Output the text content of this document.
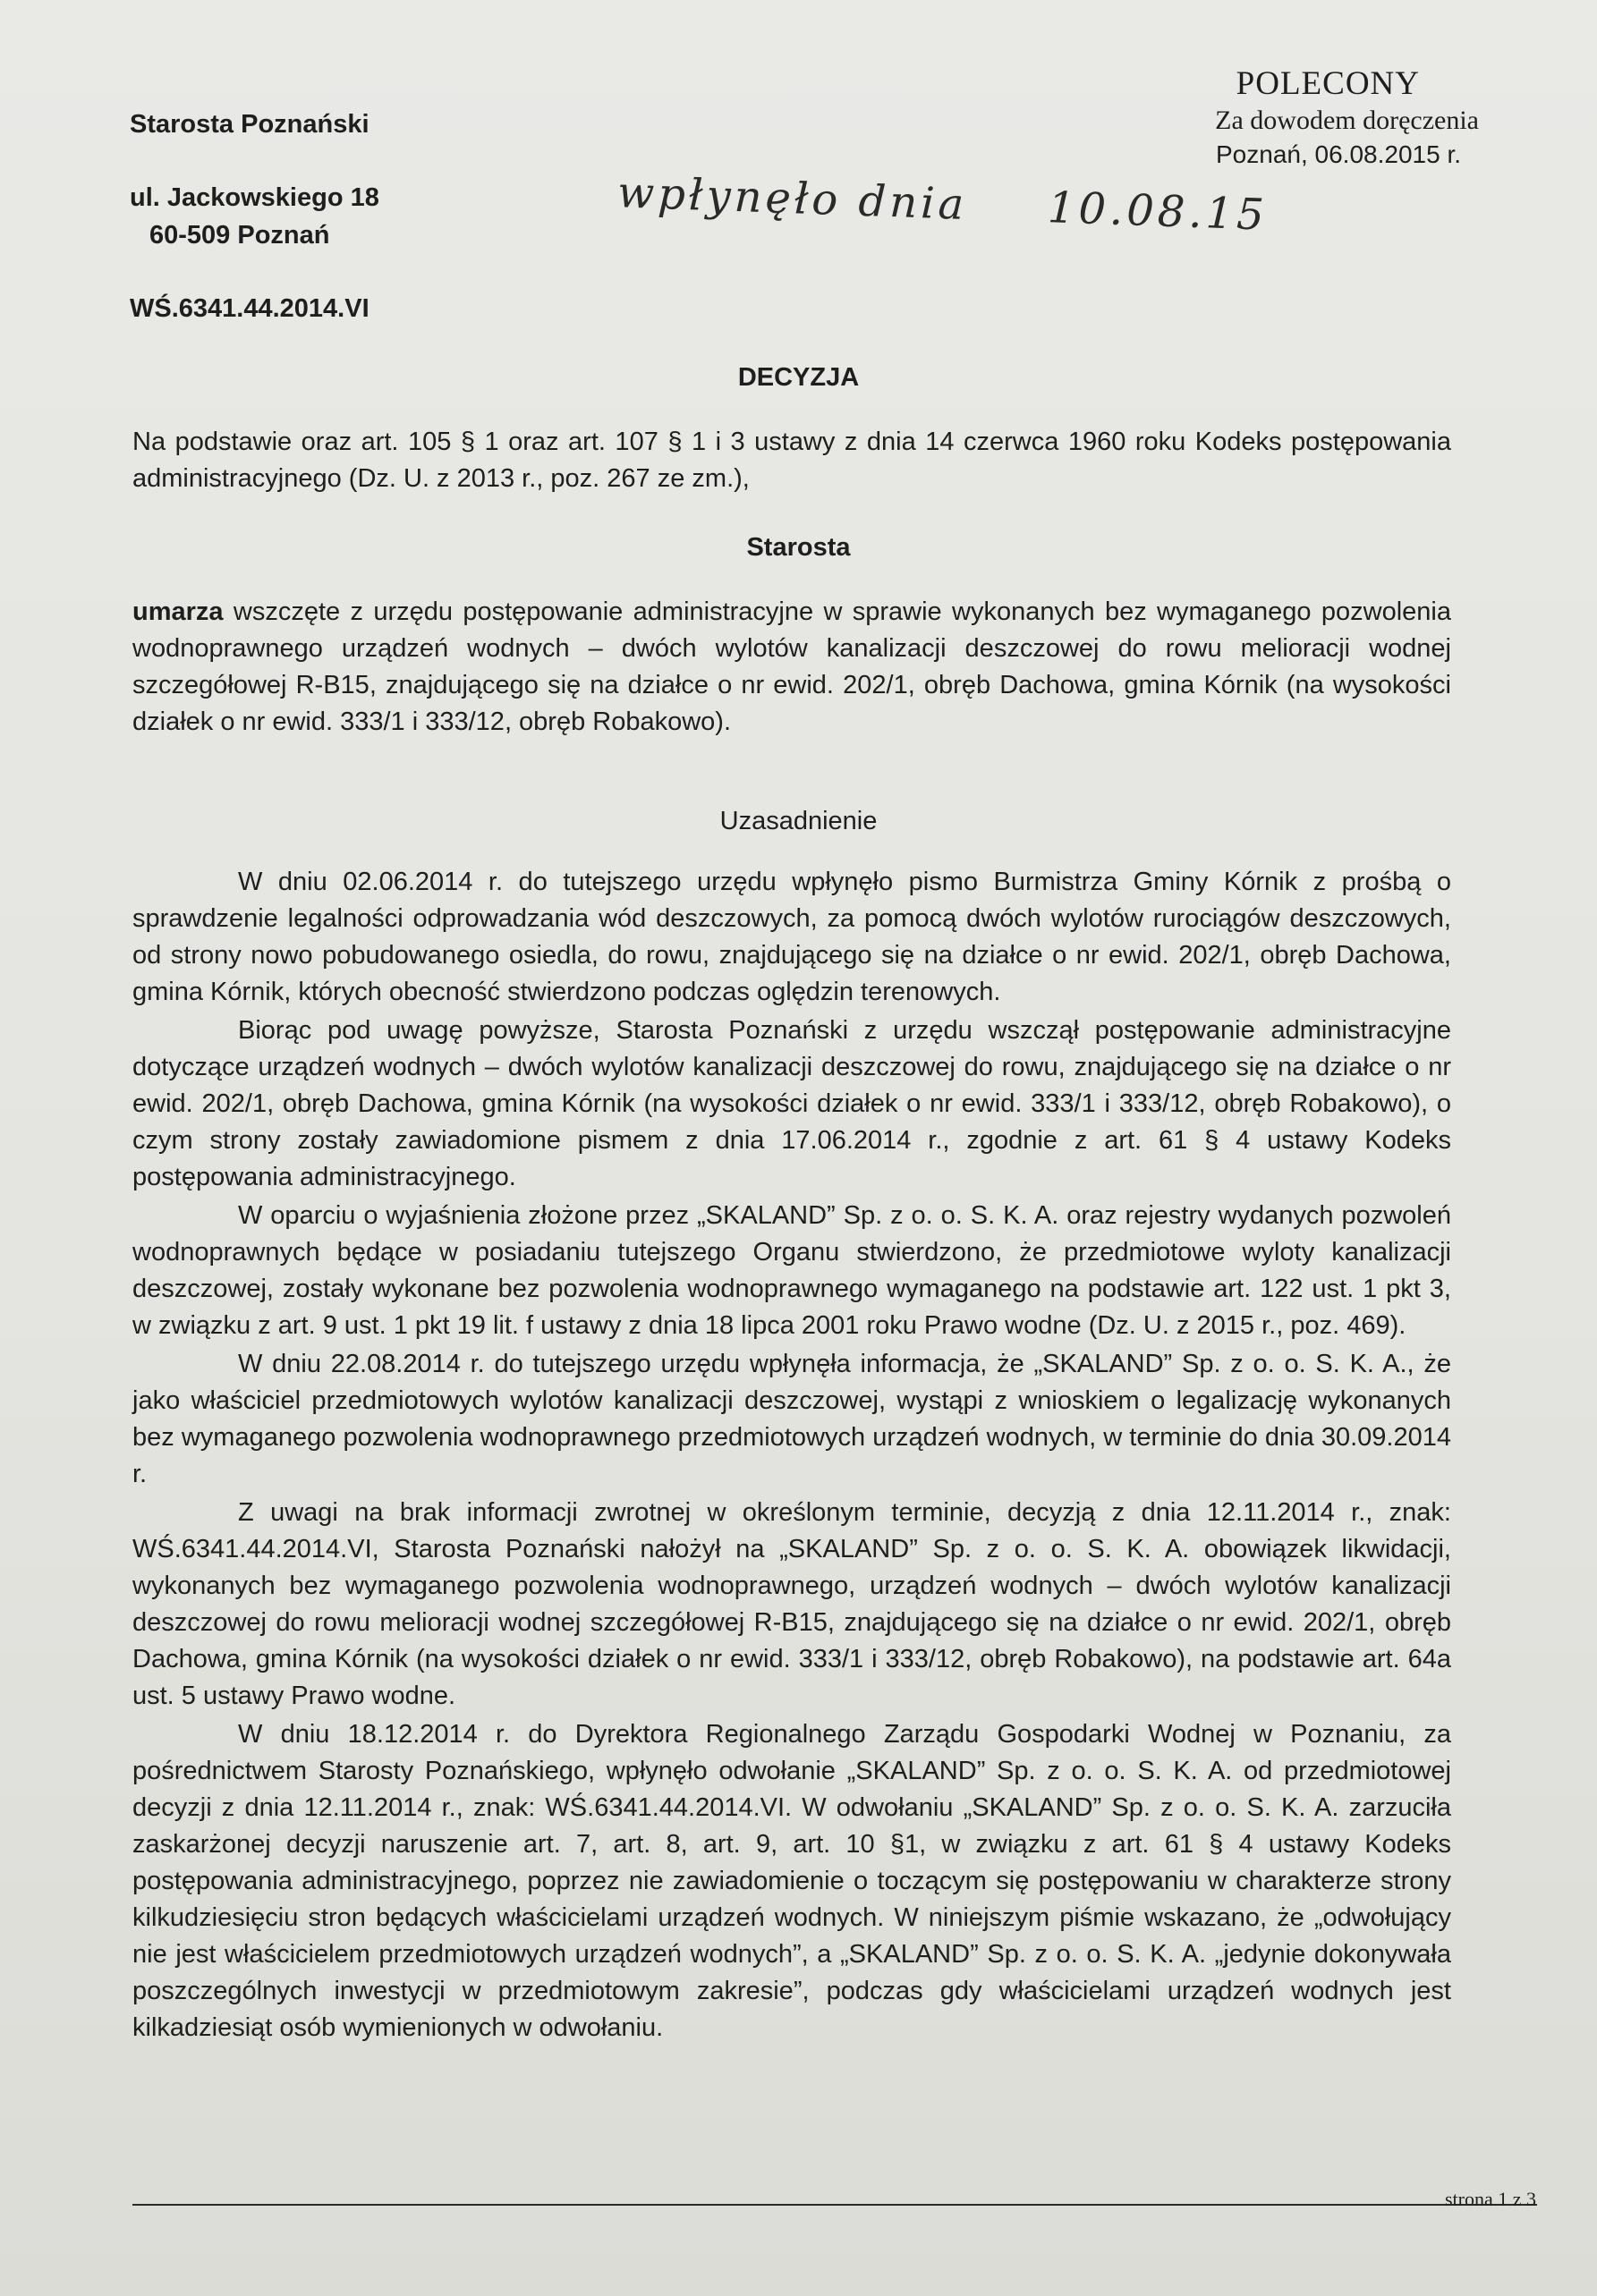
Starosta Poznański
ul. Jackowskiego 18
60-509 Poznań
WŚ.6341.44.2014.VI
POLECONY
Za dowodem doręczenia
Poznań, 06.08.2015 r.
wpłynęło dnia 10.08.15
DECYZJA

Na podstawie oraz art. 105 § 1 oraz art. 107 § 1 i 3 ustawy z dnia 14 czerwca 1960 roku Kodeks postępowania administracyjnego (Dz. U. z 2013 r., poz. 267 ze zm.),

Starosta

umarza wszczęte z urzędu postępowanie administracyjne w sprawie wykonanych bez wymaganego pozwolenia wodnoprawnego urządzeń wodnych – dwóch wylotów kanalizacji deszczowej do rowu melioracji wodnej szczegółowej R-B15, znajdującego się na działce o nr ewid. 202/1, obręb Dachowa, gmina Kórnik (na wysokości działek o nr ewid. 333/1 i 333/12, obręb Robakowo).

Uzasadnienie

W dniu 02.06.2014 r. do tutejszego urzędu wpłynęło pismo Burmistrza Gminy Kórnik z prośbą o sprawdzenie legalności odprowadzania wód deszczowych, za pomocą dwóch wylotów rurociągów deszczowych, od strony nowo pobudowanego osiedla, do rowu, znajdującego się na działce o nr ewid. 202/1, obręb Dachowa, gmina Kórnik, których obecność stwierdzono podczas oględzin terenowych.

Biorąc pod uwagę powyższe, Starosta Poznański z urzędu wszczął postępowanie administracyjne dotyczące urządzeń wodnych – dwóch wylotów kanalizacji deszczowej do rowu, znajdującego się na działce o nr ewid. 202/1, obręb Dachowa, gmina Kórnik (na wysokości działek o nr ewid. 333/1 i 333/12, obręb Robakowo), o czym strony zostały zawiadomione pismem z dnia 17.06.2014 r., zgodnie z art. 61 § 4 ustawy Kodeks postępowania administracyjnego.

W oparciu o wyjaśnienia złożone przez „SKALAND” Sp. z o. o. S. K. A. oraz rejestry wydanych pozwoleń wodnoprawnych będące w posiadaniu tutejszego Organu stwierdzono, że przedmiotowe wyloty kanalizacji deszczowej, zostały wykonane bez pozwolenia wodnoprawnego wymaganego na podstawie art. 122 ust. 1 pkt 3, w związku z art. 9 ust. 1 pkt 19 lit. f ustawy z dnia 18 lipca 2001 roku Prawo wodne (Dz. U. z 2015 r., poz. 469).

W dniu 22.08.2014 r. do tutejszego urzędu wpłynęła informacja, że „SKALAND” Sp. z o. o. S. K. A., że jako właściciel przedmiotowych wylotów kanalizacji deszczowej, wystąpi z wnioskiem o legalizację wykonanych bez wymaganego pozwolenia wodnoprawnego przedmiotowych urządzeń wodnych, w terminie do dnia 30.09.2014 r.

Z uwagi na brak informacji zwrotnej w określonym terminie, decyzją z dnia 12.11.2014 r., znak: WŚ.6341.44.2014.VI, Starosta Poznański nałożył na „SKALAND” Sp. z o. o. S. K. A. obowiązek likwidacji, wykonanych bez wymaganego pozwolenia wodnoprawnego, urządzeń wodnych – dwóch wylotów kanalizacji deszczowej do rowu melioracji wodnej szczegółowej R-B15, znajdującego się na działce o nr ewid. 202/1, obręb Dachowa, gmina Kórnik (na wysokości działek o nr ewid. 333/1 i 333/12, obręb Robakowo), na podstawie art. 64a ust. 5 ustawy Prawo wodne.

W dniu 18.12.2014 r. do Dyrektora Regionalnego Zarządu Gospodarki Wodnej w Poznaniu, za pośrednictwem Starosty Poznańskiego, wpłynęło odwołanie „SKALAND” Sp. z o. o. S. K. A. od przedmiotowej decyzji z dnia 12.11.2014 r., znak: WŚ.6341.44.2014.VI. W odwołaniu „SKALAND” Sp. z o. o. S. K. A. zarzuciła zaskarżonej decyzji naruszenie art. 7, art. 8, art. 9, art. 10 §1, w związku z art. 61 § 4 ustawy Kodeks postępowania administracyjnego, poprzez nie zawiadomienie o toczącym się postępowaniu w charakterze strony kilkudziesięciu stron będących właścicielami urządzeń wodnych. W niniejszym piśmie wskazano, że „odwołujący nie jest właścicielem przedmiotowych urządzeń wodnych”, a „SKALAND” Sp. z o. o. S. K. A. „jedynie dokonywała poszczególnych inwestycji w przedmiotowym zakresie”, podczas gdy właścicielami urządzeń wodnych jest kilkadziesiąt osób wymienionych w odwołaniu.

strona 1 z 3
